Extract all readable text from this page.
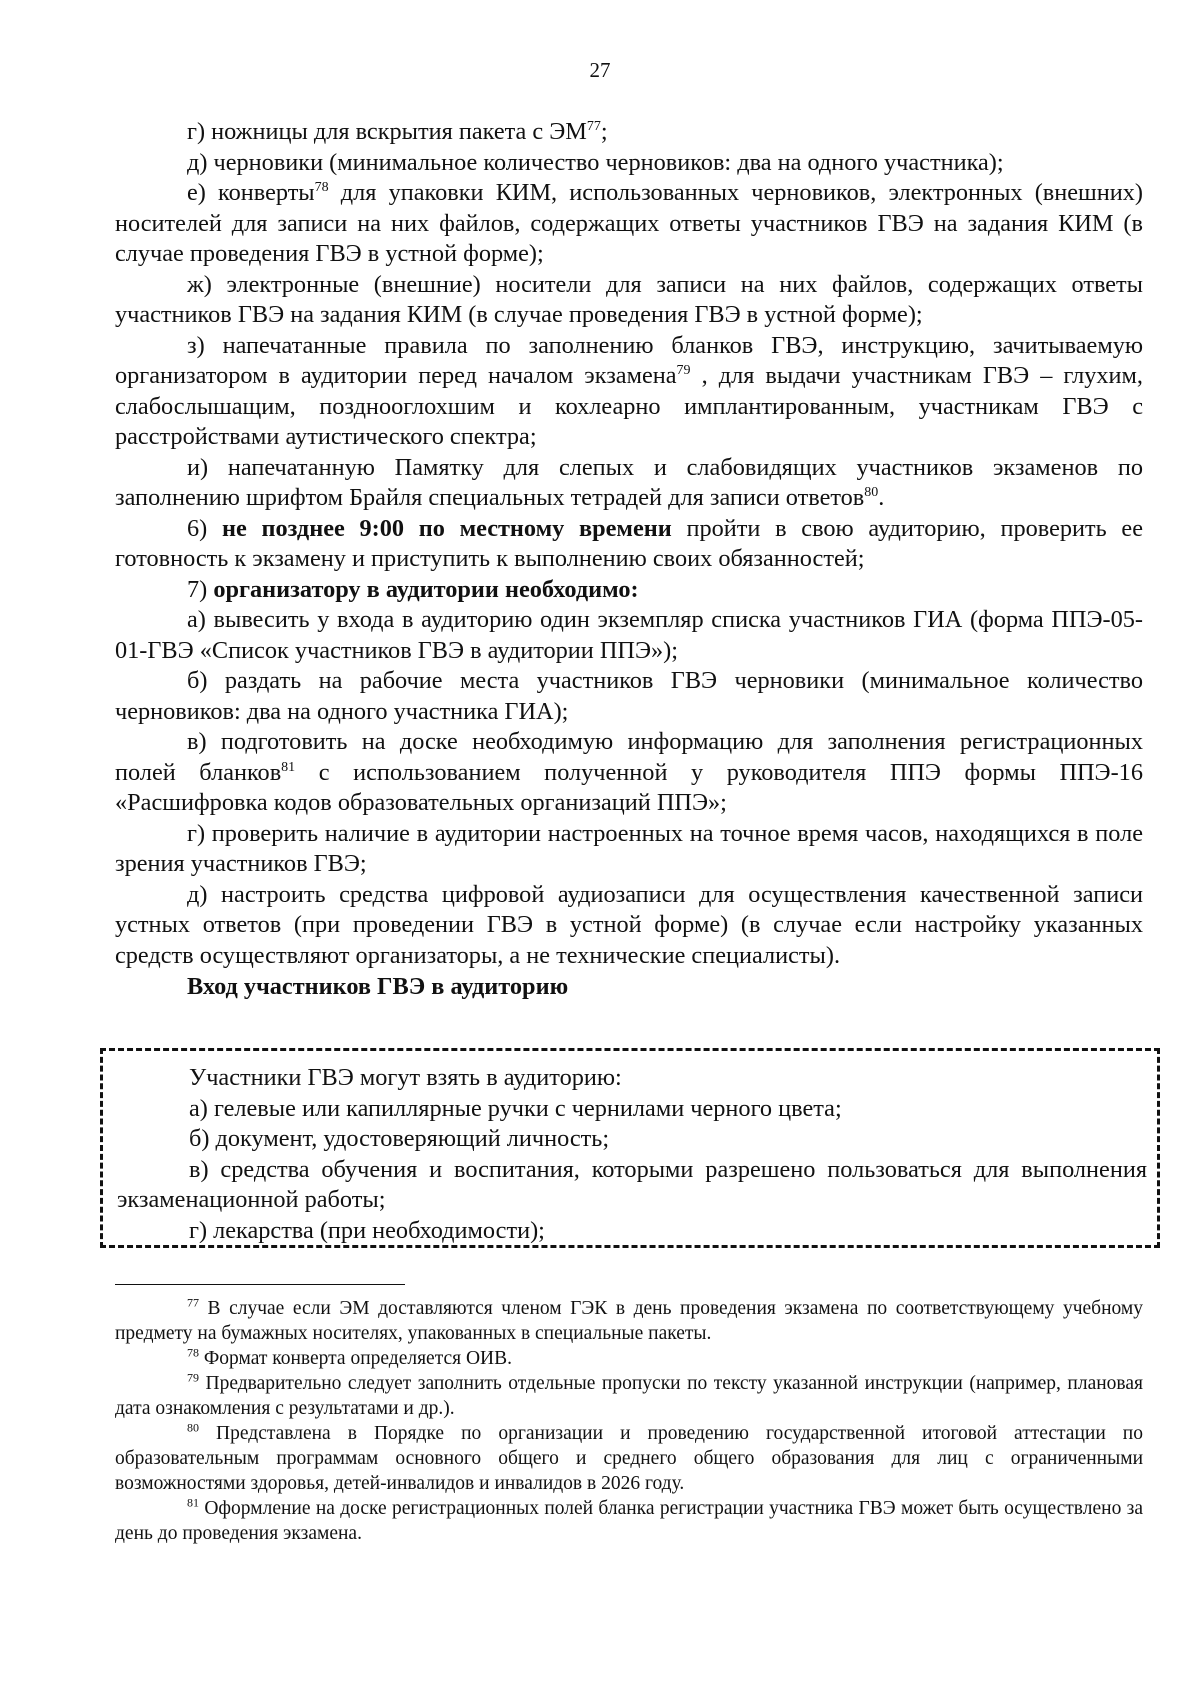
27

г) ножницы для вскрытия пакета с ЭМ$^{77}$;

д) черновики (минимальное количество черновиков: два на одного участника);

е) конверты$^{78}$ для упаковки КИМ, использованных черновиков, электронных (внешних) носителей для записи на них файлов, содержащих ответы участников ГВЭ на задания КИМ (в случае проведения ГВЭ в устной форме);

ж) электронные (внешние) носители для записи на них файлов, содержащих ответы участников ГВЭ на задания КИМ (в случае проведения ГВЭ в устной форме);

з) напечатанные правила по заполнению бланков ГВЭ, инструкцию, зачитываемую организатором в аудитории перед началом экзамена$^{79}$ , для выдачи участникам ГВЭ – глухим, слабослышащим, позднооглохшим и кохлеарно имплантированным, участникам ГВЭ с расстройствами аутистического спектра;

и) напечатанную Памятку для слепых и слабовидящих участников экзаменов по заполнению шрифтом Брайля специальных тетрадей для записи ответов$^{80}$.

6) не позднее 9:00 по местному времени пройти в свою аудиторию, проверить ее готовность к экзамену и приступить к выполнению своих обязанностей;

7) организатору в аудитории необходимо:

а) вывесить у входа в аудиторию один экземпляр списка участников ГИА (форма ППЭ-05-01-ГВЭ «Список участников ГВЭ в аудитории ППЭ»);

б) раздать на рабочие места участников ГВЭ черновики (минимальное количество черновиков: два на одного участника ГИА);

в) подготовить на доске необходимую информацию для заполнения регистрационных полей бланков$^{81}$ с использованием полученной у руководителя ППЭ формы ППЭ-16 «Расшифровка кодов образовательных организаций ППЭ»;

г) проверить наличие в аудитории настроенных на точное время часов, находящихся в поле зрения участников ГВЭ;

д) настроить средства цифровой аудиозаписи для осуществления качественной записи устных ответов (при проведении ГВЭ в устной форме) (в случае если настройку указанных средств осуществляют организаторы, а не технические специалисты).

Вход участников ГВЭ в аудиторию

Участники ГВЭ могут взять в аудиторию:

а) гелевые или капиллярные ручки с чернилами черного цвета;

б) документ, удостоверяющий личность;

в) средства обучения и воспитания, которыми разрешено пользоваться для выполнения экзаменационной работы;

г) лекарства (при необходимости);

$^{77}$ В случае если ЭМ доставляются членом ГЭК в день проведения экзамена по соответствующему учебному предмету на бумажных носителях, упакованных в специальные пакеты.

$^{78}$ Формат конверта определяется ОИВ.

$^{79}$ Предварительно следует заполнить отдельные пропуски по тексту указанной инструкции (например, плановая дата ознакомления с результатами и др.).

$^{80}$ Представлена в Порядке по организации и проведению государственной итоговой аттестации по образовательным программам основного общего и среднего общего образования для лиц с ограниченными возможностями здоровья, детей-инвалидов и инвалидов в 2026 году.

$^{81}$ Оформление на доске регистрационных полей бланка регистрации участника ГВЭ может быть осуществлено за день до проведения экзамена.
